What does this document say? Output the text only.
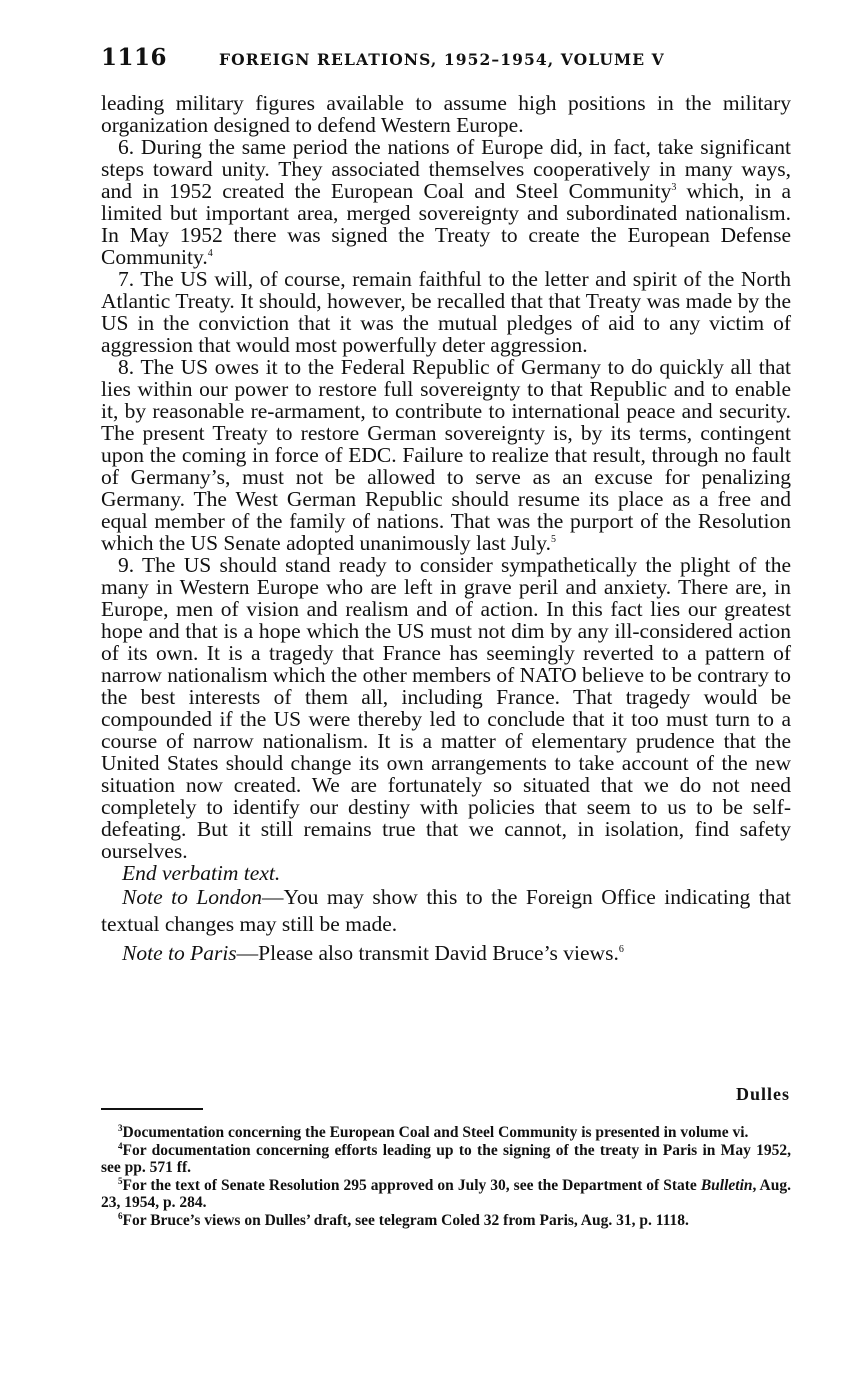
1116	FOREIGN RELATIONS, 1952–1954, VOLUME V

leading military figures available to assume high positions in the military organization designed to defend Western Europe.

6. During the same period the nations of Europe did, in fact, take significant steps toward unity. They associated themselves cooperatively in many ways, and in 1952 created the European Coal and Steel Community$^3$ which, in a limited but important area, merged sovereignty and subordinated nationalism. In May 1952 there was signed the Treaty to create the European Defense Community.$^4$

7. The US will, of course, remain faithful to the letter and spirit of the North Atlantic Treaty. It should, however, be recalled that that Treaty was made by the US in the conviction that it was the mutual pledges of aid to any victim of aggression that would most powerfully deter aggression.

8. The US owes it to the Federal Republic of Germany to do quickly all that lies within our power to restore full sovereignty to that Republic and to enable it, by reasonable re-armament, to contribute to international peace and security. The present Treaty to restore German sovereignty is, by its terms, contingent upon the coming in force of EDC. Failure to realize that result, through no fault of Germany’s, must not be allowed to serve as an excuse for penalizing Germany. The West German Republic should resume its place as a free and equal member of the family of nations. That was the purport of the Resolution which the US Senate adopted unanimously last July.$^5$

9. The US should stand ready to consider sympathetically the plight of the many in Western Europe who are left in grave peril and anxiety. There are, in Europe, men of vision and realism and of action. In this fact lies our greatest hope and that is a hope which the US must not dim by any ill-considered action of its own. It is a tragedy that France has seemingly reverted to a pattern of narrow nationalism which the other members of NATO believe to be contrary to the best interests of them all, including France. That tragedy would be compounded if the US were thereby led to conclude that it too must turn to a course of narrow nationalism. It is a matter of elementary prudence that the United States should change its own arrangements to take account of the new situation now created. We are fortunately so situated that we do not need completely to identify our destiny with policies that seem to us to be self-defeating. But it still remains true that we cannot, in isolation, find safety ourselves.

End verbatim text.

Note to London—You may show this to the Foreign Office indicating that textual changes may still be made.

Note to Paris—Please also transmit David Bruce’s views.$^6$

Dulles

$^3$Documentation concerning the European Coal and Steel Community is presented in volume vi.

$^4$For documentation concerning efforts leading up to the signing of the treaty in Paris in May 1952, see pp. 571 ff.

$^5$For the text of Senate Resolution 295 approved on July 30, see the Department of State Bulletin, Aug. 23, 1954, p. 284.

$^6$For Bruce’s views on Dulles’ draft, see telegram Coled 32 from Paris, Aug. 31, p. 1118.
